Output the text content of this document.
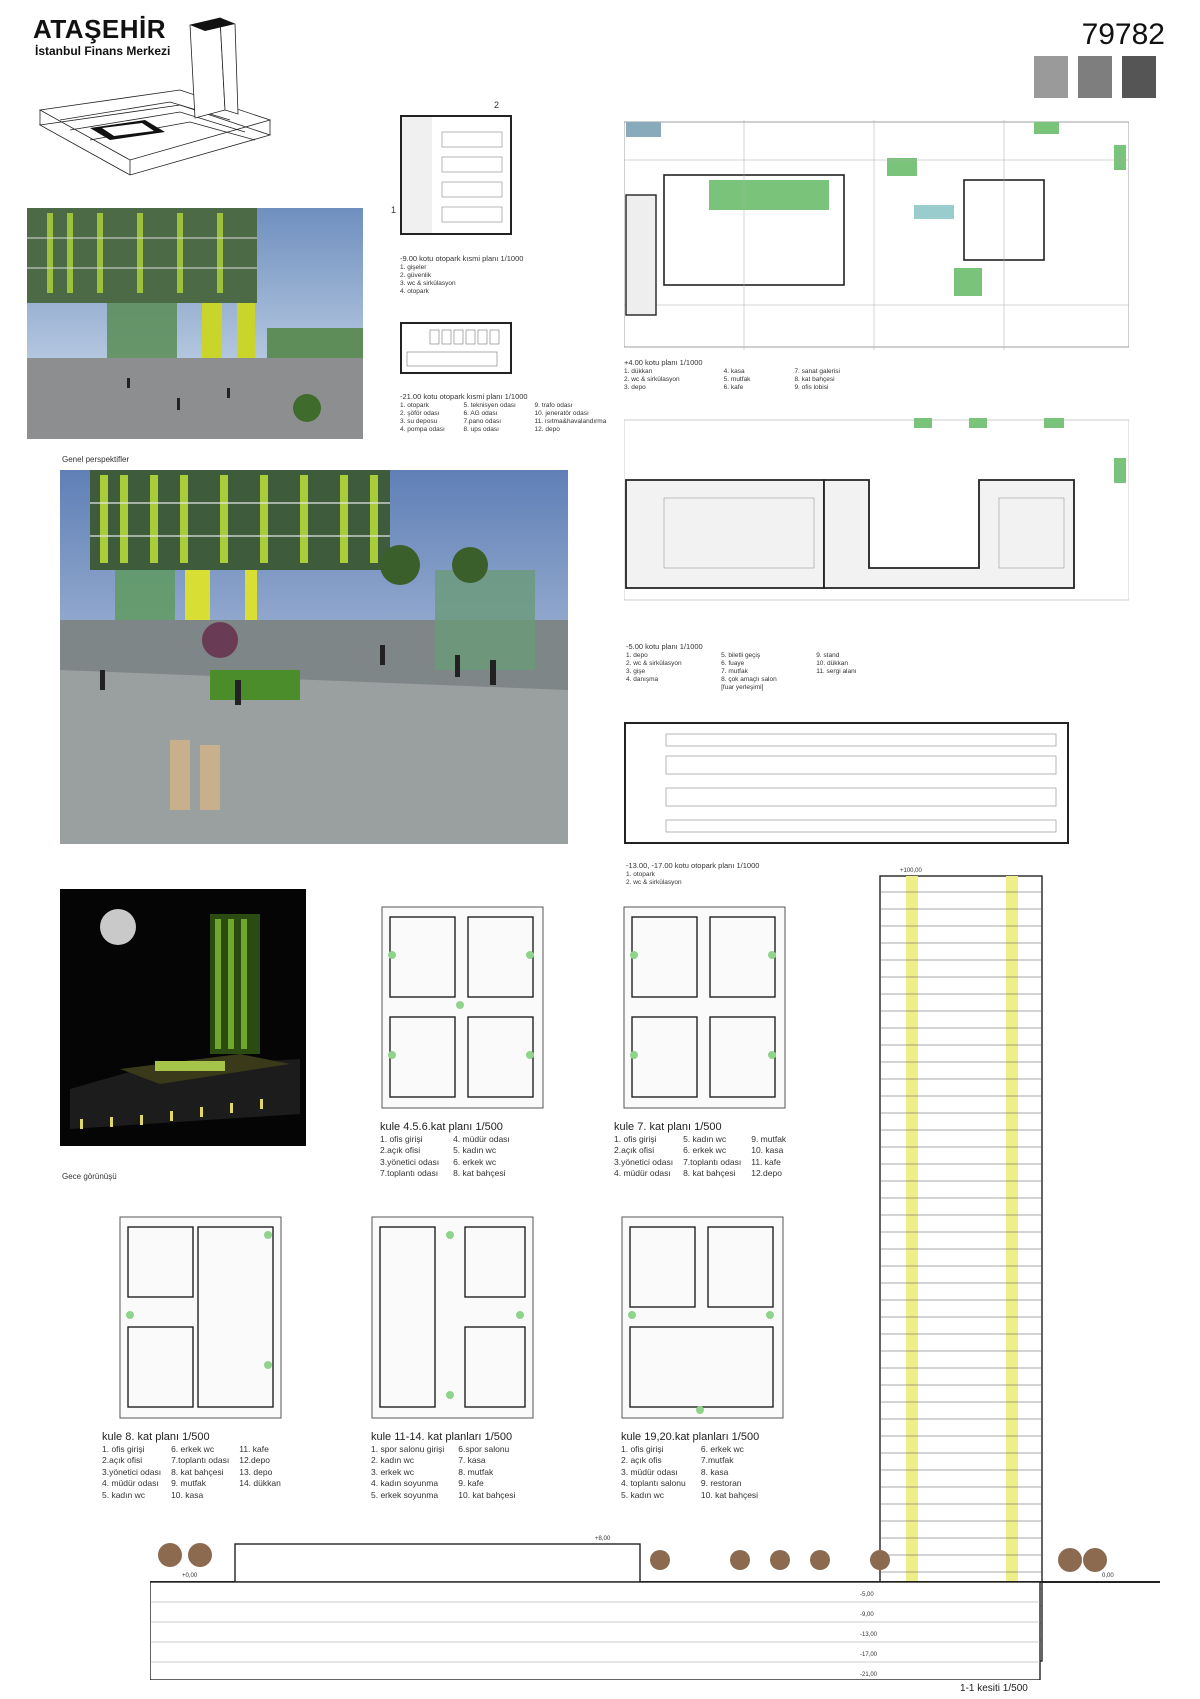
ATAŞEHİR
İstanbul Finans Merkezi	79782
Genel perspektifler
Gece görünüşü
2
1
-9.00 kotu otopark kısmi planı 1/1000
1. gişeler
2. güvenlik
3. wc & sirkülasyon
4. otopark
-21.00 kotu otopark kısmi planı 1/1000
1. otopark
2. şöför odası
3. su deposu
4. pompa odası
5. teknisyen odası
6. AG odası
7.pano odası
8. ups odası
9. trafo odası
10. jeneratör odası
11. ısıtma&havalandırma
12. depo
+4.00 kotu planı 1/1000
1. dükkan
2. wc & sirkülasyon
3. depo
4. kasa
5. mutfak
6. kafe
7. sanat galerisi
8. kat bahçesi
9. ofis lobisi
-5.00 kotu planı 1/1000
1. depo
2. wc & sirkülasyon
3. gişe
4. danışma
5. biletli geçiş
6. fuaye
7. mutfak
8. çok amaçlı salon
[fuar yerleşimi]
9. stand
10. dükkan
11. sergi alanı
-13.00, -17.00 kotu otopark planı 1/1000
1. otopark
2. wc & sirkülasyon
kule 4.5.6.kat planı 1/500
1. ofis girişi
2.açık ofisi
3.yönetici odası
7.toplantı odası
4. müdür odası
5. kadın wc
6. erkek wc
8. kat bahçesi
kule 7. kat planı 1/500
1. ofis girişi
2.açık ofisi
3.yönetici odası
4. müdür odası
5. kadın wc
6. erkek wc
7.toplantı odası
8. kat bahçesi
9. mutfak
10. kasa
11. kafe
12.depo
kule 8. kat planı 1/500
1. ofis girişi
2.açık ofisi
3.yönetici odası
4. müdür odası
5. kadın wc
6. erkek wc
7.toplantı odası
8. kat bahçesi
9. mutfak
10. kasa
11. kafe
12.depo
13. depo
14. dükkan
kule 11-14. kat planları 1/500
1. spor salonu girişi
2. kadın wc
3. erkek wc
4. kadın soyunma
5. erkek soyunma
6.spor salonu
7. kasa
8. mutfak
9. kafe
10. kat bahçesi
kule 19,20.kat planları 1/500
1. ofis girişi
2. açık ofis
3. müdür odası
4. toplantı salonu
5. kadın wc
6. erkek wc
7.mutfak
8. kasa
9. restoran
10. kat bahçesi
+100,00
+8,00
+0,00	0,00
-5,00
-9,00
-13,00
-17,00
-21,00
1-1 kesiti 1/500
